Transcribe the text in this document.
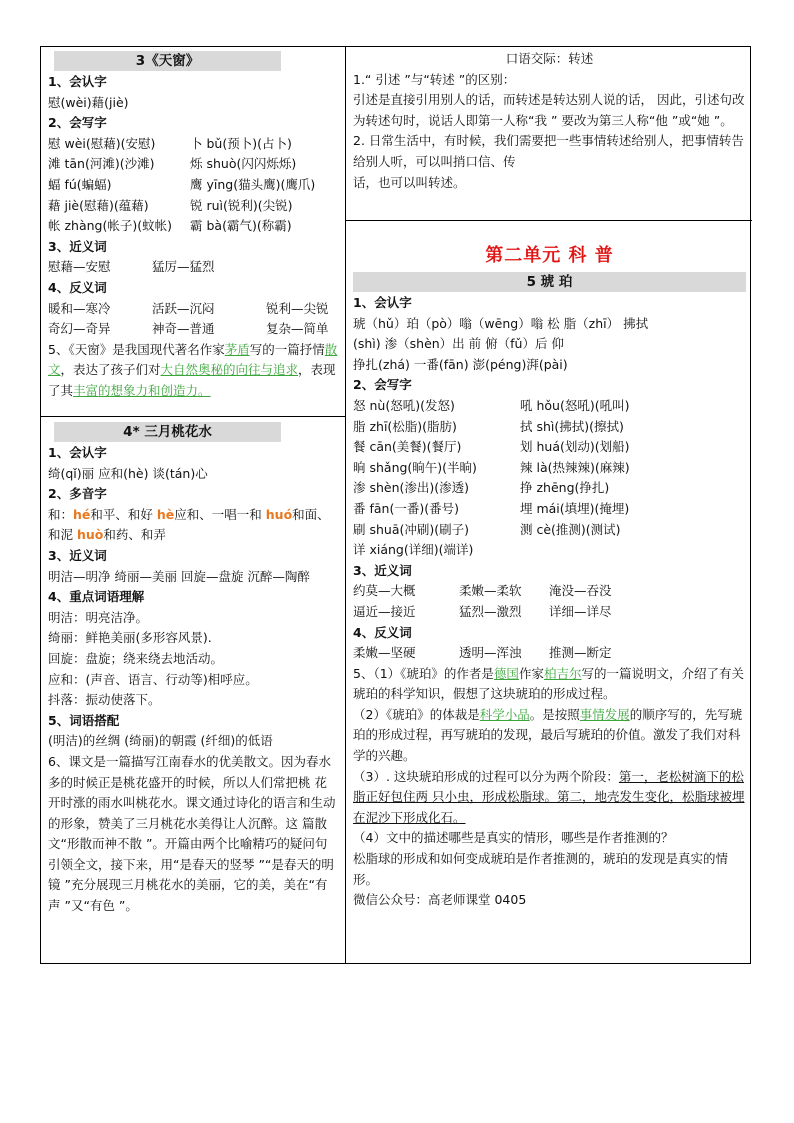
3《天窗》
1、会认字
慰(wèi)藉(jiè)
2、会写字
慰 wèi(慰藉)(安慰)	卜 bǔ(预卜)(占卜)
滩 tān(河滩)(沙滩)	烁 shuò(闪闪烁烁)
蝠 fú(蝙蝠)	鹰 yīng(猫头鹰)(鹰爪)
藉 jiè(慰藉)(蕴藉)	锐 ruì(锐利)(尖锐)
帐 zhàng(帐子)(蚊帐) 霸 bà(霸气)(称霸)
3、近义词
慰藉—安慰	猛厉—猛烈
4、反义词
暖和—寒冷	活跃—沉闷	锐利—尖锐
奇幻—奇异	神奇—普通	复杂—简单
5、《天窗》是我国现代著名作家茅盾写的一篇抒情散文，表达了孩子们对大自然奥秘的向往与追求，表现了其丰富的想象力和创造力。
4* 三月桃花水
1、会认字
绮(qǐ)丽 应和(hè) 谈(tán)心
2、多音字
和：hé和平、和好 hè应和、一唱一和 huó和面、和泥 huò和药、和弄
3、近义词
明洁—明净 绮丽—美丽 回旋—盘旋 沉醉—陶醉
4、重点词语理解
明洁：明亮洁净。
绮丽：鲜艳美丽(多形容风景).
回旋：盘旋；绕来绕去地活动。
应和：(声音、语言、行动等)相呼应。
抖落：振动使落下。
5、词语搭配
(明洁)的丝绸 (绮丽)的朝霞 (纤细)的低语
6、课文是一篇描写江南春水的优美散文。因为春水多的时候正是桃花盛开的时候，所以人们常把桃 花开时涨的雨水叫桃花水。课文通过诗化的语言和生动的形象，赞美了三月桃花水美得让人沉醉。这 篇散文“形散而神不散 ”。开篇由两个比喻精巧的疑问句引领全文，接下来，用“是春天的竖琴 ”“是春天的明镜 ”充分展现三月桃花水的美丽，它的美，美在“有声 ”又“有色 ”。
口语交际：转述
1.“ 引述 ”与“转述 ”的区别：
引述是直接引用别人的话，而转述是转达别人说的话， 因此，引述句改为转述句时，说话人即第一人称“我 ” 要改为第三人称“他 ”或“她 ”。
2. 日常生活中，有时候，我们需要把一些事情转述给别人，把事情转告给别人听，可以叫捎口信、传
话，也可以叫转述。
第二单元 科 普
5 琥 珀
1、会认字
琥（hǔ）珀（pò）嗡（wēng）嗡 松 脂（zhī） 拂拭
(shì) 渗（shèn）出 前 俯（fǔ）后 仰
挣扎(zhá) 一番(fān) 澎(péng)湃(pài)
2、会写字
怒 nù(怒吼)(发怒)	吼 hǒu(怒吼)(吼叫)
脂 zhī(松脂)(脂肪)	拭 shì(拂拭)(擦拭)
餐 cān(美餐)(餐厅)	划 huá(划动)(划船)
晌 shǎng(晌午)(半晌)	辣 là(热辣辣)(麻辣)
渗 shèn(渗出)(渗透)	挣 zhēng(挣扎)
番 fān(一番)(番号)	埋 mái(填埋)(掩埋)
刷 shuā(冲刷)(刷子)	测 cè(推测)(测试)
详 xiáng(详细)(端详)
3、近义词
约莫—大概	柔嫩—柔软 淹没—吞没
逼近—接近	猛烈—激烈 详细—详尽
4、反义词
柔嫩—坚硬	透明—浑浊 推测—断定
5、（1）《琥珀》的作者是德国作家柏吉尔写的一篇说明文，介绍了有关琥珀的科学知识，假想了这块琥珀的形成过程。
（2）《琥珀》的体裁是科学小品。是按照事情发展的顺序写的，先写琥珀的形成过程，再写琥珀的发现，最后写琥珀的价值。激发了我们对科学的兴趣。
（3）. 这块琥珀形成的过程可以分为两个阶段：第一，老松树滴下的松脂正好包住两 只小虫，形成松脂球。第二，地壳发生变化，松脂球被埋在泥沙下形成化石。
（4）文中的描述哪些是真实的情形，哪些是作者推测的？
松脂球的形成和如何变成琥珀是作者推测的，琥珀的发现是真实的情形。
微信公众号：高老师课堂 0405
